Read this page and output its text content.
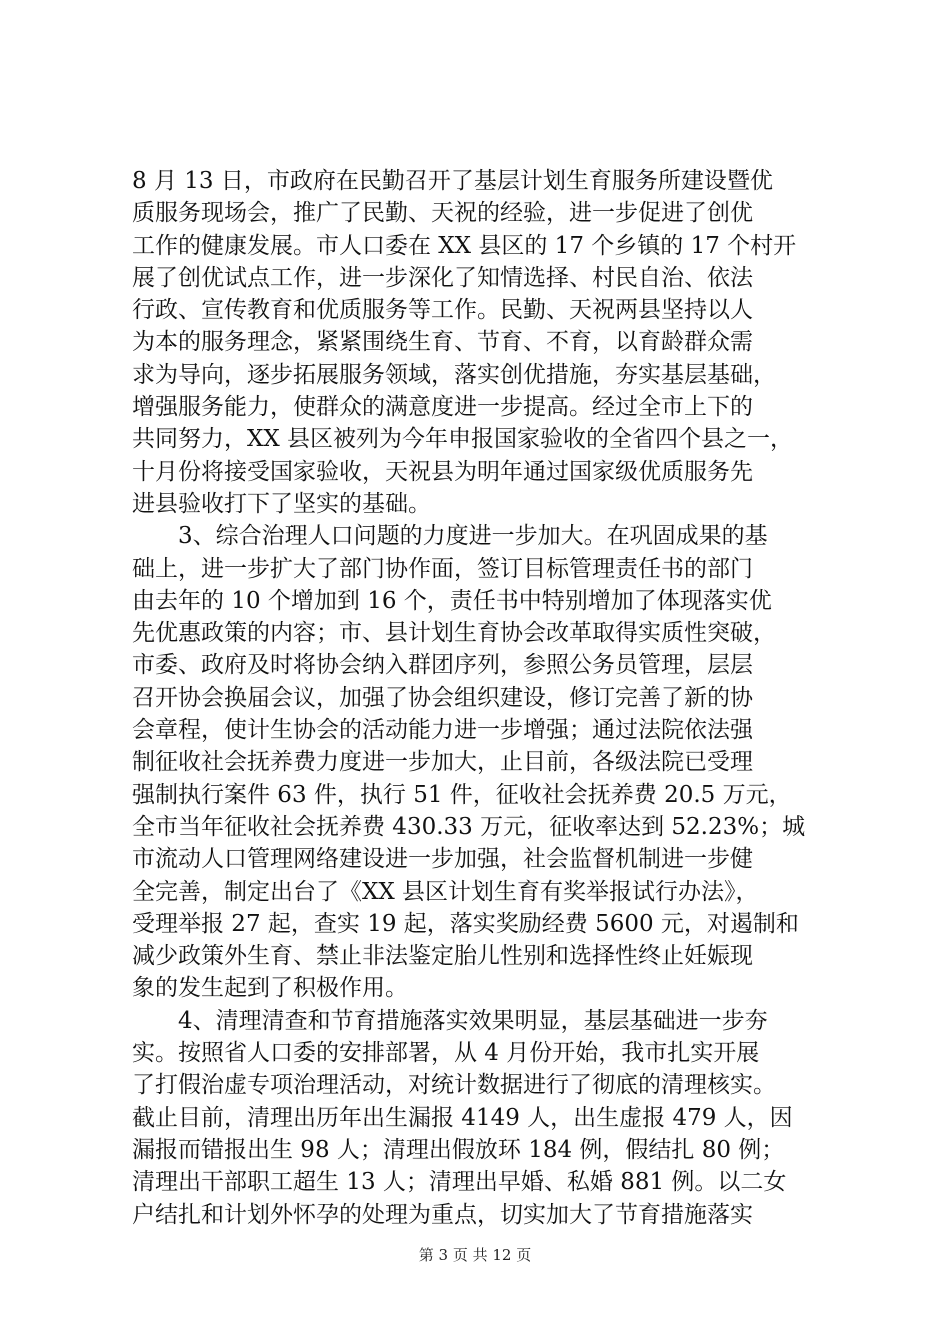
8 月 13 日，市政府在民勤召开了基层计划生育服务所建设暨优
质服务现场会，推广了民勤、天祝的经验，进一步促进了创优
工作的健康发展。市人口委在 XX 县区的 17 个乡镇的 17 个村开
展了创优试点工作，进一步深化了知情选择、村民自治、依法
行政、宣传教育和优质服务等工作。民勤、天祝两县坚持以人
为本的服务理念，紧紧围绕生育、节育、不育，以育龄群众需
求为导向，逐步拓展服务领域，落实创优措施，夯实基层基础，
增强服务能力，使群众的满意度进一步提高。经过全市上下的
共同努力，XX 县区被列为今年申报国家验收的全省四个县之一，
十月份将接受国家验收，天祝县为明年通过国家级优质服务先
进县验收打下了坚实的基础。
　　3、综合治理人口问题的力度进一步加大。在巩固成果的基
础上，进一步扩大了部门协作面，签订目标管理责任书的部门
由去年的 10 个增加到 16 个，责任书中特别增加了体现落实优
先优惠政策的内容；市、县计划生育协会改革取得实质性突破，
市委、政府及时将协会纳入群团序列，参照公务员管理，层层
召开协会换届会议，加强了协会组织建设，修订完善了新的协
会章程，使计生协会的活动能力进一步增强；通过法院依法强
制征收社会抚养费力度进一步加大，止目前，各级法院已受理
强制执行案件 63 件，执行 51 件，征收社会抚养费 20.5 万元，
全市当年征收社会抚养费 430.33 万元，征收率达到 52.23%；城
市流动人口管理网络建设进一步加强，社会监督机制进一步健
全完善，制定出台了《XX 县区计划生育有奖举报试行办法》，
受理举报 27 起，查实 19 起，落实奖励经费 5600 元，对遏制和
减少政策外生育、禁止非法鉴定胎儿性别和选择性终止妊娠现
象的发生起到了积极作用。
　　4、清理清查和节育措施落实效果明显，基层基础进一步夯
实。按照省人口委的安排部署，从 4 月份开始，我市扎实开展
了打假治虚专项治理活动，对统计数据进行了彻底的清理核实。
截止目前，清理出历年出生漏报 4149 人，出生虚报 479 人，因
漏报而错报出生 98 人；清理出假放环 184 例，假结扎 80 例；
清理出干部职工超生 13 人；清理出早婚、私婚 881 例。以二女
户结扎和计划外怀孕的处理为重点，切实加大了节育措施落实
第 3 页 共 12 页
